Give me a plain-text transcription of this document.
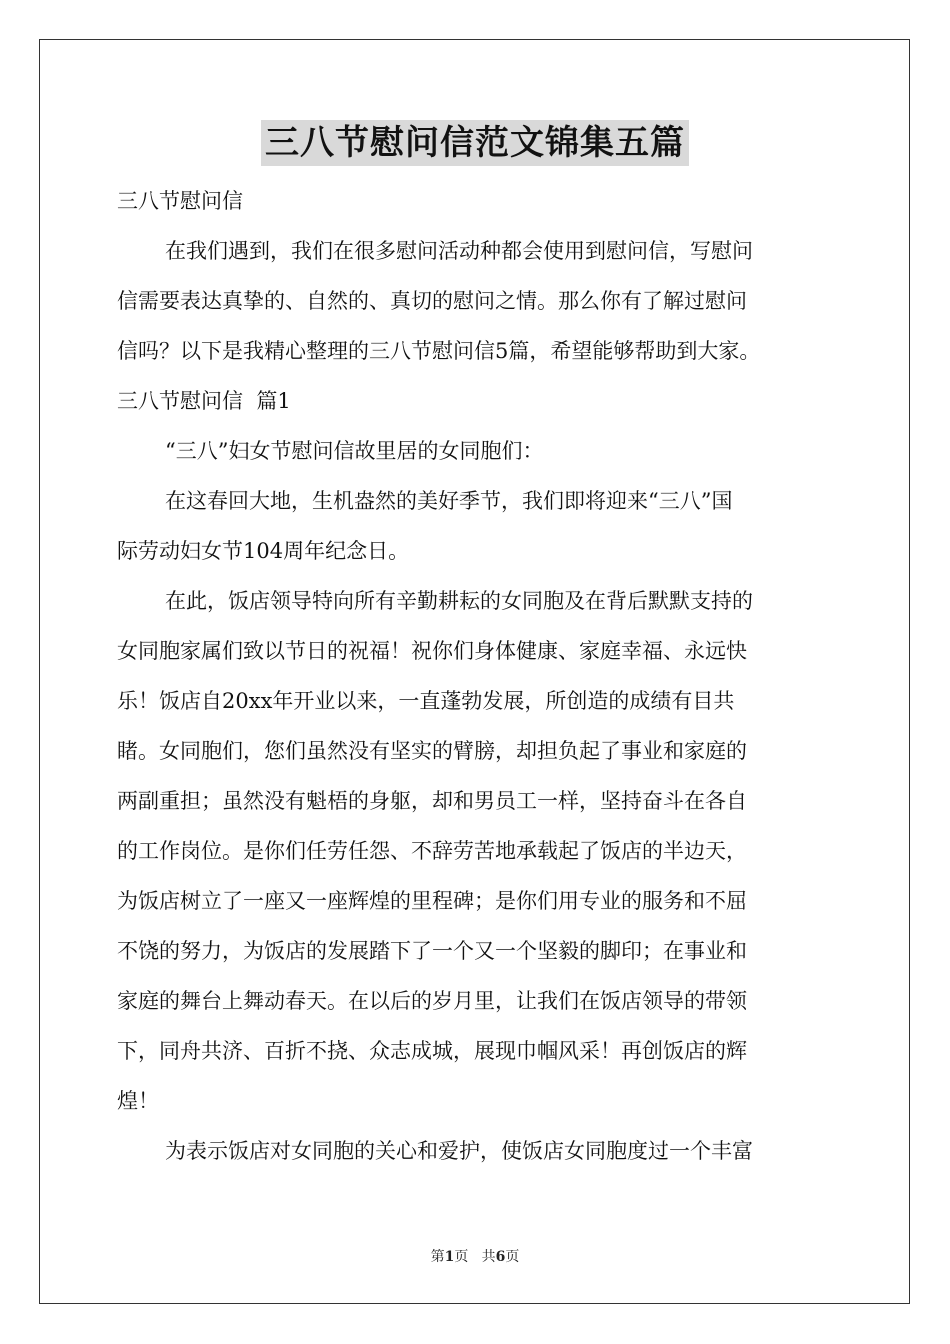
三八节慰问信范文锦集五篇
三八节慰问信
在我们遇到，我们在很多慰问活动种都会使用到慰问信，写慰问
信需要表达真挚的、自然的、真切的慰问之情。那么你有了解过慰问
信吗？以下是我精心整理的三八节慰问信5篇，希望能够帮助到大家。
三八节慰问信  篇1
“三八”妇女节慰问信故里居的女同胞们：
在这春回大地，生机盎然的美好季节，我们即将迎来“三八”国
际劳动妇女节104周年纪念日。
在此，饭店领导特向所有辛勤耕耘的女同胞及在背后默默支持的
女同胞家属们致以节日的祝福！祝你们身体健康、家庭幸福、永远快
乐！饭店自20xx年开业以来，一直蓬勃发展，所创造的成绩有目共
睹。女同胞们，您们虽然没有坚实的臂膀，却担负起了事业和家庭的
两副重担；虽然没有魁梧的身躯，却和男员工一样，坚持奋斗在各自
的工作岗位。是你们任劳任怨、不辞劳苦地承载起了饭店的半边天，
为饭店树立了一座又一座辉煌的里程碑；是你们用专业的服务和不屈
不饶的努力，为饭店的发展踏下了一个又一个坚毅的脚印；在事业和
家庭的舞台上舞动春天。在以后的岁月里，让我们在饭店领导的带领
下，同舟共济、百折不挠、众志成城，展现巾帼风采！再创饭店的辉
煌！
为表示饭店对女同胞的关心和爱护，使饭店女同胞度过一个丰富
第1页   共6页
